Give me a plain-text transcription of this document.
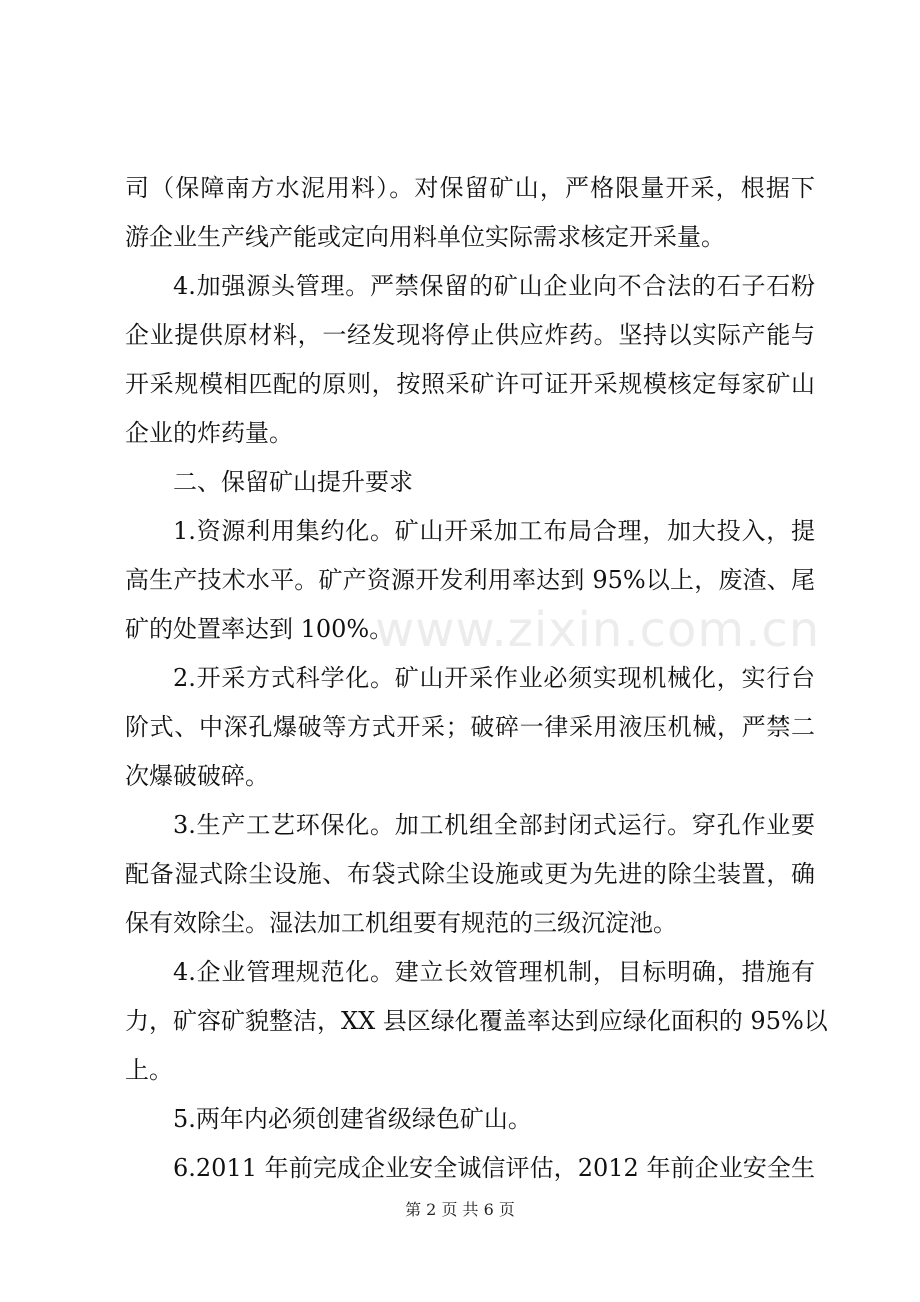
司（保障南方水泥用料）。对保留矿山，严格限量开采，根据下
游企业生产线产能或定向用料单位实际需求核定开采量。
4.加强源头管理。严禁保留的矿山企业向不合法的石子石粉
企业提供原材料，一经发现将停止供应炸药。坚持以实际产能与
开采规模相匹配的原则，按照采矿许可证开采规模核定每家矿山
企业的炸药量。
二、保留矿山提升要求
1.资源利用集约化。矿山开采加工布局合理，加大投入，提
高生产技术水平。矿产资源开发利用率达到 95%以上，废渣、尾
矿的处置率达到 100%。
2.开采方式科学化。矿山开采作业必须实现机械化，实行台
阶式、中深孔爆破等方式开采；破碎一律采用液压机械，严禁二
次爆破破碎。
3.生产工艺环保化。加工机组全部封闭式运行。穿孔作业要
配备湿式除尘设施、布袋式除尘设施或更为先进的除尘装置，确
保有效除尘。湿法加工机组要有规范的三级沉淀池。
4.企业管理规范化。建立长效管理机制，目标明确，措施有
力，矿容矿貌整洁，XX 县区绿化覆盖率达到应绿化面积的 95%以
上。
5.两年内必须创建省级绿色矿山。
6.2011 年前完成企业安全诚信评估，2012 年前企业安全生
www.zixin.com.cn
第 2 页 共 6 页
